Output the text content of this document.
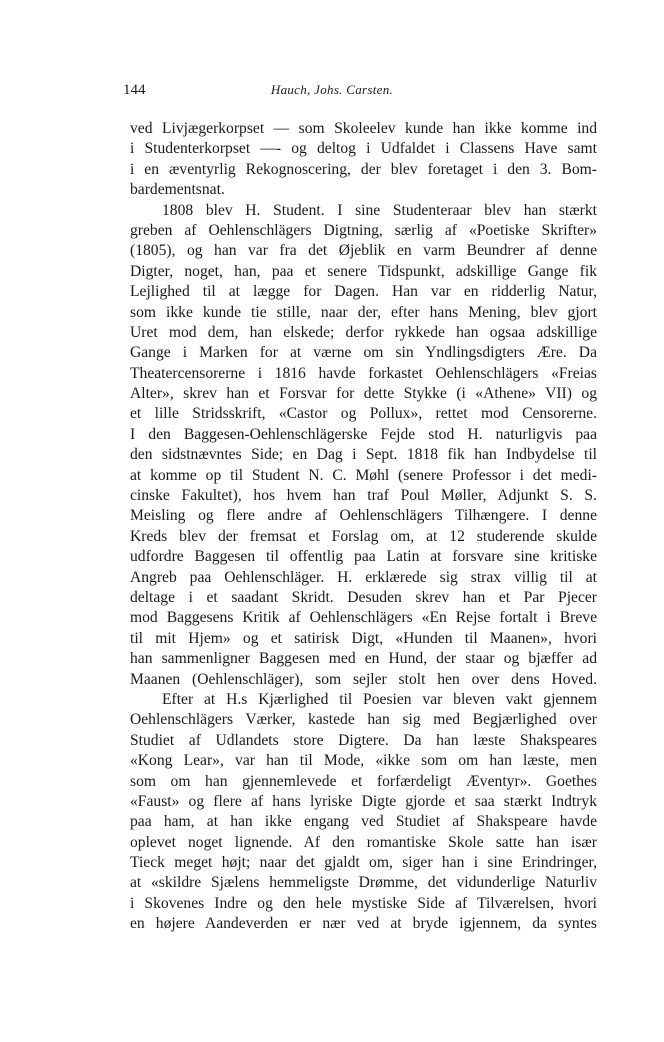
144	Hauch, Johs. Carsten.
ved Livjægerkorpset — som Skoleelev kunde han ikke komme ind
i Studenterkorpset —- og deltog i Udfaldet i Classens Have samt
i en æventyrlig Rekognoscering, der blev foretaget i den 3. Bom-
bardementsnat.
1808 blev H. Student. I sine Studenteraar blev han stærkt
greben af Oehlenschlägers Digtning, særlig af «Poetiske Skrifter»
(1805), og han var fra det Øjeblik en varm Beundrer af denne
Digter, noget, han, paa et senere Tidspunkt, adskillige Gange fik
Lejlighed til at lægge for Dagen. Han var en ridderlig Natur,
som ikke kunde tie stille, naar der, efter hans Mening, blev gjort
Uret mod dem, han elskede; derfor rykkede han ogsaa adskillige
Gange i Marken for at værne om sin Yndlingsdigters Ære. Da
Theatercensorerne i 1816 havde forkastet Oehlenschlägers «Freias
Alter», skrev han et Forsvar for dette Stykke (i «Athene» VII) og
et lille Stridsskrift, «Castor og Pollux», rettet mod Censorerne.
I den Baggesen-Oehlenschlägerske Fejde stod H. naturligvis paa
den sidstnævntes Side; en Dag i Sept. 1818 fik han Indbydelse til
at komme op til Student N. C. Møhl (senere Professor i det medi-
cinske Fakultet), hos hvem han traf Poul Møller, Adjunkt S. S.
Meisling og flere andre af Oehlenschlägers Tilhængere. I denne
Kreds blev der fremsat et Forslag om, at 12 studerende skulde
udfordre Baggesen til offentlig paa Latin at forsvare sine kritiske
Angreb paa Oehlenschläger. H. erklærede sig strax villig til at
deltage i et saadant Skridt. Desuden skrev han et Par Pjecer
mod Baggesens Kritik af Oehlenschlägers «En Rejse fortalt i Breve
til mit Hjem» og et satirisk Digt, «Hunden til Maanen», hvori
han sammenligner Baggesen med en Hund, der staar og bjæffer ad
Maanen (Oehlenschläger), som sejler stolt hen over dens Hoved.
Efter at H.s Kjærlighed til Poesien var bleven vakt gjennem
Oehlenschlägers Værker, kastede han sig med Begjærlighed over
Studiet af Udlandets store Digtere. Da han læste Shakspeares
«Kong Lear», var han til Mode, «ikke som om han læste, men
som om han gjennemlevede et forfærdeligt Æventyr». Goethes
«Faust» og flere af hans lyriske Digte gjorde et saa stærkt Indtryk
paa ham, at han ikke engang ved Studiet af Shakspeare havde
oplevet noget lignende. Af den romantiske Skole satte han især
Tieck meget højt; naar det gjaldt om, siger han i sine Erindringer,
at «skildre Sjælens hemmeligste Drømme, det vidunderlige Naturliv
i Skovenes Indre og den hele mystiske Side af Tilværelsen, hvori
en højere Aandeverden er nær ved at bryde igjennem, da syntes
